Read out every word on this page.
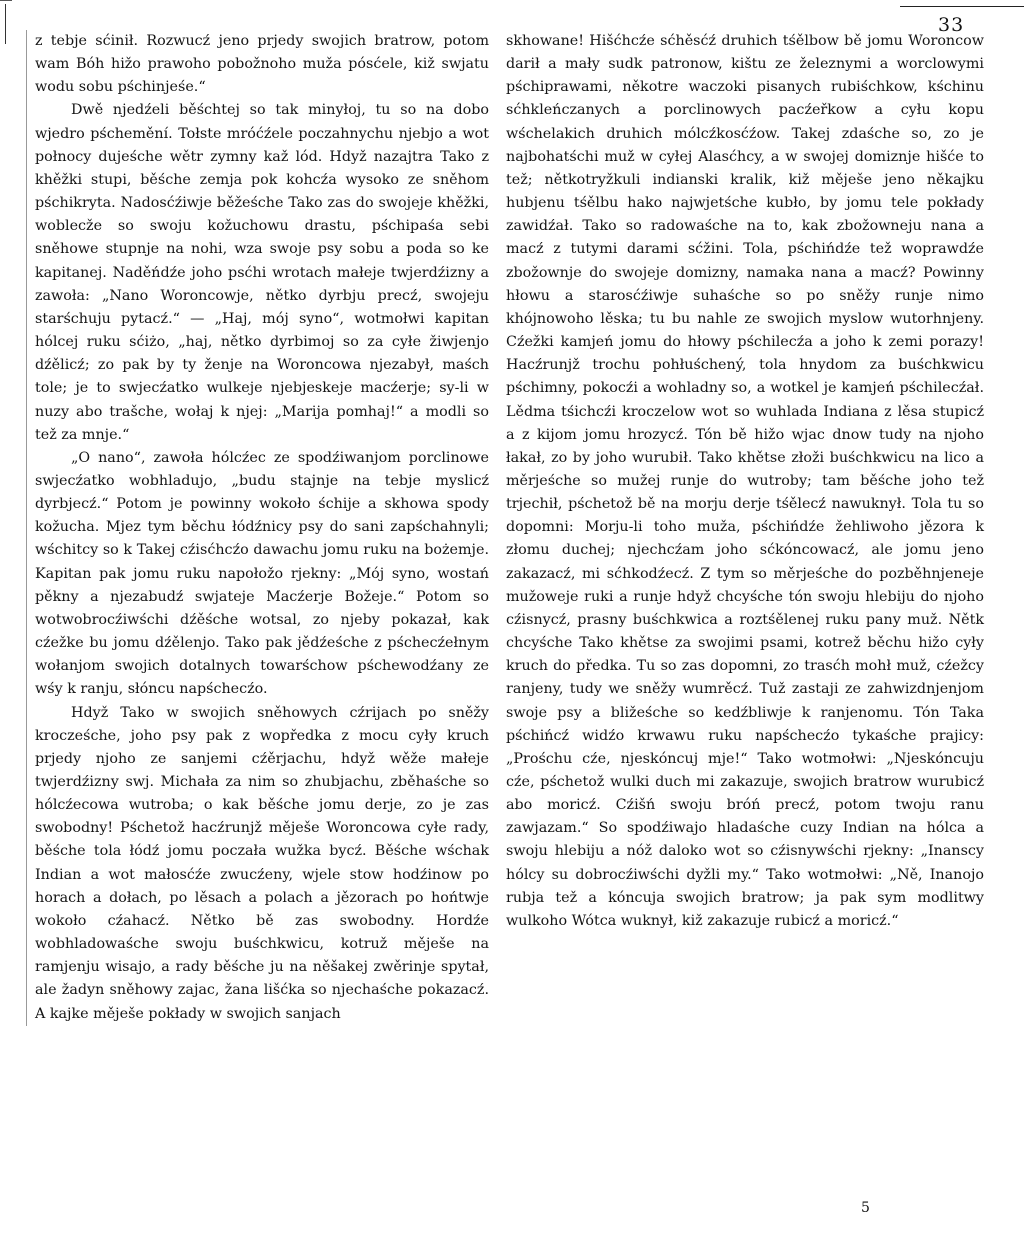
33

z tebje sćinił. Rozwucź jeno prjedy swojich bratrow, potom wam Bóh hižo prawoho pobožnoho muža pósćele, kiž swjatu wodu sobu pśchinjeśe.“

Dwě njedźeli běśchtej so tak minyłoj, tu so na dobo wjedro pśchemění. Tołste mróćźele poczahnychu njebjo a wot połnocy dujeśche wětr zymny kaž lód. Hdyž nazajtra Tako z khěžki stupi, běśche zemja pok kohcźa wysoko ze sněhom pśchikryta. Nadosćźiwje běžeśche Tako zas do swojeje khěžki, woblecže so swoju kožuchowu drastu, pśchipaśa sebi sněhowe stupnje na nohi, wza swoje psy sobu a poda so ke kapitanej. Naděńdźe joho psćhi wrotach małeje twjerdźizny a zawoła: „Nano Woroncowje, nětko dyrbju precź, swojeju starśchuju pytacź.“ — „Haj, mój syno“, wotmołwi kapitan hólcej ruku sćiżo, „haj, nětko dyrbimoj so za cyłe žiwjenjo dźělicź; zo pak by ty ženje na Woroncowa njezabył, maśch tole; je to swjecźatko wulkeje njebjeskeje macźerje; sy-li w nuzy abo trašche, wołaj k njej: „Marija pomhaj!“ a modli so tež za mnje.“

„O nano“, zawoła hólcźec ze spodźiwanjom porclinowe swjecźatko wobhladujo, „budu stajnje na tebje myslicź dyrbjecź.“ Potom je powinny wokoło śchije a skhowa spody kožucha. Mjez tym běchu łódźnicy psy do sani zapśchahnyli; wśchitcy so k Takej cźisćhcźo dawachu jomu ruku na bożemje. Kapitan pak jomu ruku napołožo rjekny: „Mój syno, wostań pěkny a njezabudź swjateje Macźerje Božeje.“ Potom so wotwobrocźiwśchi dźěśche wotsal, zo njeby pokazał, kak cźežke bu jomu dźělenjo. Tako pak jědźeśche z pśchecźełnym wołanjom swojich dotalnych towarśchow pśchewodźany ze wśy k ranju, słóncu napśchecźo.

Hdyž Tako w swojich sněhowych cźrijach po sněžy krocześche, joho psy pak z wopředka z mocu cyły kruch prjedy njoho ze sanjemi cźěrjachu, hdyž wěže małeje twjerdźizny swj. Michała za nim so zhubjachu, zběhaśche so hólcźecowa wutroba; o kak běśche jomu derje, zo je zas swobodny! Pśchetož hacźrunjž měješe Woroncowa cyłe rady, běśche tola łódź jomu poczała wužka bycź. Běśche wśchak Indian a wot małosćźe zwucźeny, wjele stow hodźinow po horach a dołach, po lěsach a polach a jězorach po hońtwje wokoło cźahacź. Nětko bě zas swobodny. Hordźe wobhladowaśche swoju buśchkwicu, kotruž měješe na ramjenju wisajo, a rady běśche ju na něšakej zwěrinje spytał, ale žadyn sněhowy zajac, žana lišćka so njechaśche pokazacź. A kajke měješe pokłady w swojich sanjach

skhowane! Hišćhcźe sćhěsćź druhich tśělbow bě jomu Woroncow darił a mały sudk patronow, kištu ze železnymi a worclowymi pśchiprawami, někotre waczoki pisanych rubiśchkow, kśchinu sćhkleńczanych a porclinowych pacźeřkow a cyłu kopu wśchelakich druhich mólcźkosćźow. Takej zdaśche so, zo je najbohatśchi muž w cyłej Alasćhcy, a w swojej domiznje hišće to tež; nětkotryžkuli indianski kralik, kiž měješe jeno někajku hubjenu tśělbu hako najwjetśche kubło, by jomu tele pokłady zawidźał. Tako so radowaśche na to, kak zbožowneju nana a macź z tutymi darami sćžini. Tola, pśchińdźe tež woprawdźe zbožownje do swojeje domizny, namaka nana a macź? Powinny hłowu a starosćźiwje suhaśche so po sněžy runje nimo khójnowoho lěska; tu bu nahle ze swojich myslow wutorhnjeny. Cźežki kamjeń jomu do hłowy pśchilecźa a joho k zemi porazy! Hacźrunjž trochu pohłuśchený, tola hnydom za buśchkwicu pśchimny, pokocźi a wohladny so, a wotkel je kamjeń pśchilecźał. Lědma tśichcźi kroczelow wot so wuhlada Indiana z lěsa stupicź a z kijom jomu hrozycź. Tón bě hižo wjac dnow tudy na njoho łakał, zo by joho wurubił. Tako khětse złoži buśchkwicu na lico a měrjeśche so mužej runje do wutroby; tam běśche joho tež trjechił, pśchetož bě na morju derje tśělecź nawuknył. Tola tu so dopomni: Morju-li toho muža, pśchińdźe žehliwoho jězora k złomu duchej; njechcźam joho sćkóncowacź, ale jomu jeno zakazacź, mi sćhkodźecź. Z tym so měrjeśche do pozběhnjeneje mužoweje ruki a runje hdyž chcyśche tón swoju hlebiju do njoho cźisnycź, prasny buśchkwica a roztśělenej ruku pany muž. Nětk chcyśche Tako khětse za swojimi psami, kotrež běchu hižo cyły kruch do předka. Tu so zas dopomni, zo trasćh mohł muž, cźežcy ranjeny, tudy we sněžy wumrěcź. Tuž zastaji ze zahwizdnjenjom swoje psy a bližeśche so kedźbliwje k ranjenomu. Tón Taka pśchińcź widźo krwawu ruku napśchecźo tykaśche prajicy: „Prośchu cźe, njeskóncuj mje!“ Tako wotmołwi: „Njeskóncuju cźe, pśchetož wulki duch mi zakazuje, swojich bratrow wurubicź abo moricź. Cźišń swoju bróń precź, potom twoju ranu zawjazam.“ So spodźiwajo hladaśche cuzy Indian na hólca a swoju hlebiju a nóž daloko wot so cźisnywśchi rjekny: „Inanscy hólcy su dobrocźiwśchi dyžli my.“ Tako wotmołwi: „Ně, Inanojo rubja tež a kóncuja swojich bratrow; ja pak sym modlitwy wulkoho Wótca wuknył, kiž zakazuje rubicź a moricź.“

5
